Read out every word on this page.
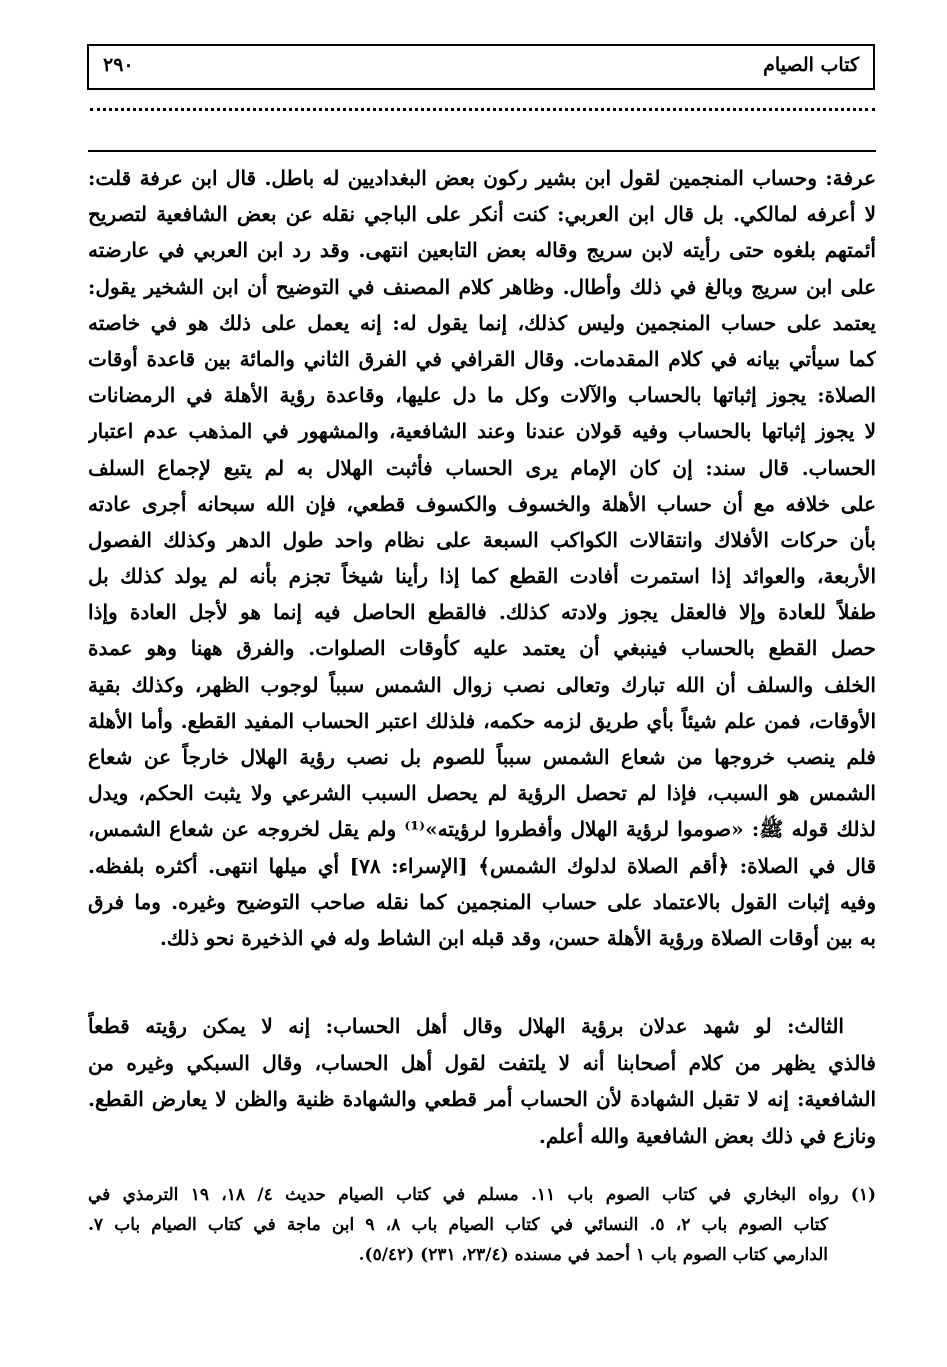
كتاب الصيام
٢٩٠
عرفة: وحساب المنجمين لقول ابن بشير ركون بعض البغداديين له باطل. قال ابن عرفة قلت:
لا أعرفه لمالكي. بل قال ابن العربي: كنت أنكر على الباجي نقله عن بعض الشافعية لتصريح
أئمتهم بلغوه حتى رأيته لابن سريج وقاله بعض التابعين انتهى. وقد رد ابن العربي في عارضته
على ابن سريج وبالغ في ذلك وأطال. وظاهر كلام المصنف في التوضيح أن ابن الشخير يقول:
يعتمد على حساب المنجمين وليس كذلك، إنما يقول له: إنه يعمل على ذلك هو في خاصته
كما سيأتي بيانه في كلام المقدمات. وقال القرافي في الفرق الثاني والمائة بين قاعدة أوقات
الصلاة: يجوز إثباتها بالحساب والآلات وكل ما دل عليها، وقاعدة رؤية الأهلة في الرمضانات
لا يجوز إثباتها بالحساب وفيه قولان عندنا وعند الشافعية، والمشهور في المذهب عدم اعتبار
الحساب. قال سند: إن كان الإمام يرى الحساب فأثبت الهلال به لم يتبع لإجماع السلف
على خلافه مع أن حساب الأهلة والخسوف والكسوف قطعي، فإن الله سبحانه أجرى عادته
بأن حركات الأفلاك وانتقالات الكواكب السبعة على نظام واحد طول الدهر وكذلك الفصول
الأربعة، والعوائد إذا استمرت أفادت القطع كما إذا رأينا شيخاً تجزم بأنه لم يولد كذلك بل
طفلاً للعادة وإلا فالعقل يجوز ولادته كذلك. فالقطع الحاصل فيه إنما هو لأجل العادة وإذا
حصل القطع بالحساب فينبغي أن يعتمد عليه كأوقات الصلوات. والفرق ههنا وهو عمدة
الخلف والسلف أن الله تبارك وتعالى نصب زوال الشمس سبباً لوجوب الظهر، وكذلك بقية
الأوقات، فمن علم شيئاً بأي طريق لزمه حكمه، فلذلك اعتبر الحساب المفيد القطع. وأما الأهلة
فلم ينصب خروجها من شعاع الشمس سبباً للصوم بل نصب رؤية الهلال خارجاً عن شعاع
الشمس هو السبب، فإذا لم تحصل الرؤية لم يحصل السبب الشرعي ولا يثبت الحكم، ويدل
لذلك قوله ﷺ: «صوموا لرؤية الهلال وأفطروا لرؤيته»⁽¹⁾ ولم يقل لخروجه عن شعاع الشمس،
قال في الصلاة: ﴿أقم الصلاة لدلوك الشمس﴾ [الإسراء: ٧٨] أي ميلها انتهى. أكثره بلفظه.
وفيه إثبات القول بالاعتماد على حساب المنجمين كما نقله صاحب التوضيح وغيره. وما فرق
به بين أوقات الصلاة ورؤية الأهلة حسن، وقد قبله ابن الشاط وله في الذخيرة نحو ذلك.
الثالث: لو شهد عدلان برؤية الهلال وقال أهل الحساب: إنه لا يمكن رؤيته قطعاً
فالذي يظهر من كلام أصحابنا أنه لا يلتفت لقول أهل الحساب، وقال السبكي وغيره من
الشافعية: إنه لا تقبل الشهادة لأن الحساب أمر قطعي والشهادة ظنية والظن لا يعارض القطع.
ونازع في ذلك بعض الشافعية والله أعلم.
(١) رواه البخاري في كتاب الصوم باب ١١. مسلم في كتاب الصيام حديث ٤/ ١٨، ١٩ الترمذي في
كتاب الصوم باب ٢، ٥. النسائي في كتاب الصيام باب ٨، ٩ ابن ماجة في كتاب الصيام باب ٧.
الدارمي كتاب الصوم باب ١ أحمد في مسنده (٢٣/٤، ٢٣١) (٥/٤٢).
